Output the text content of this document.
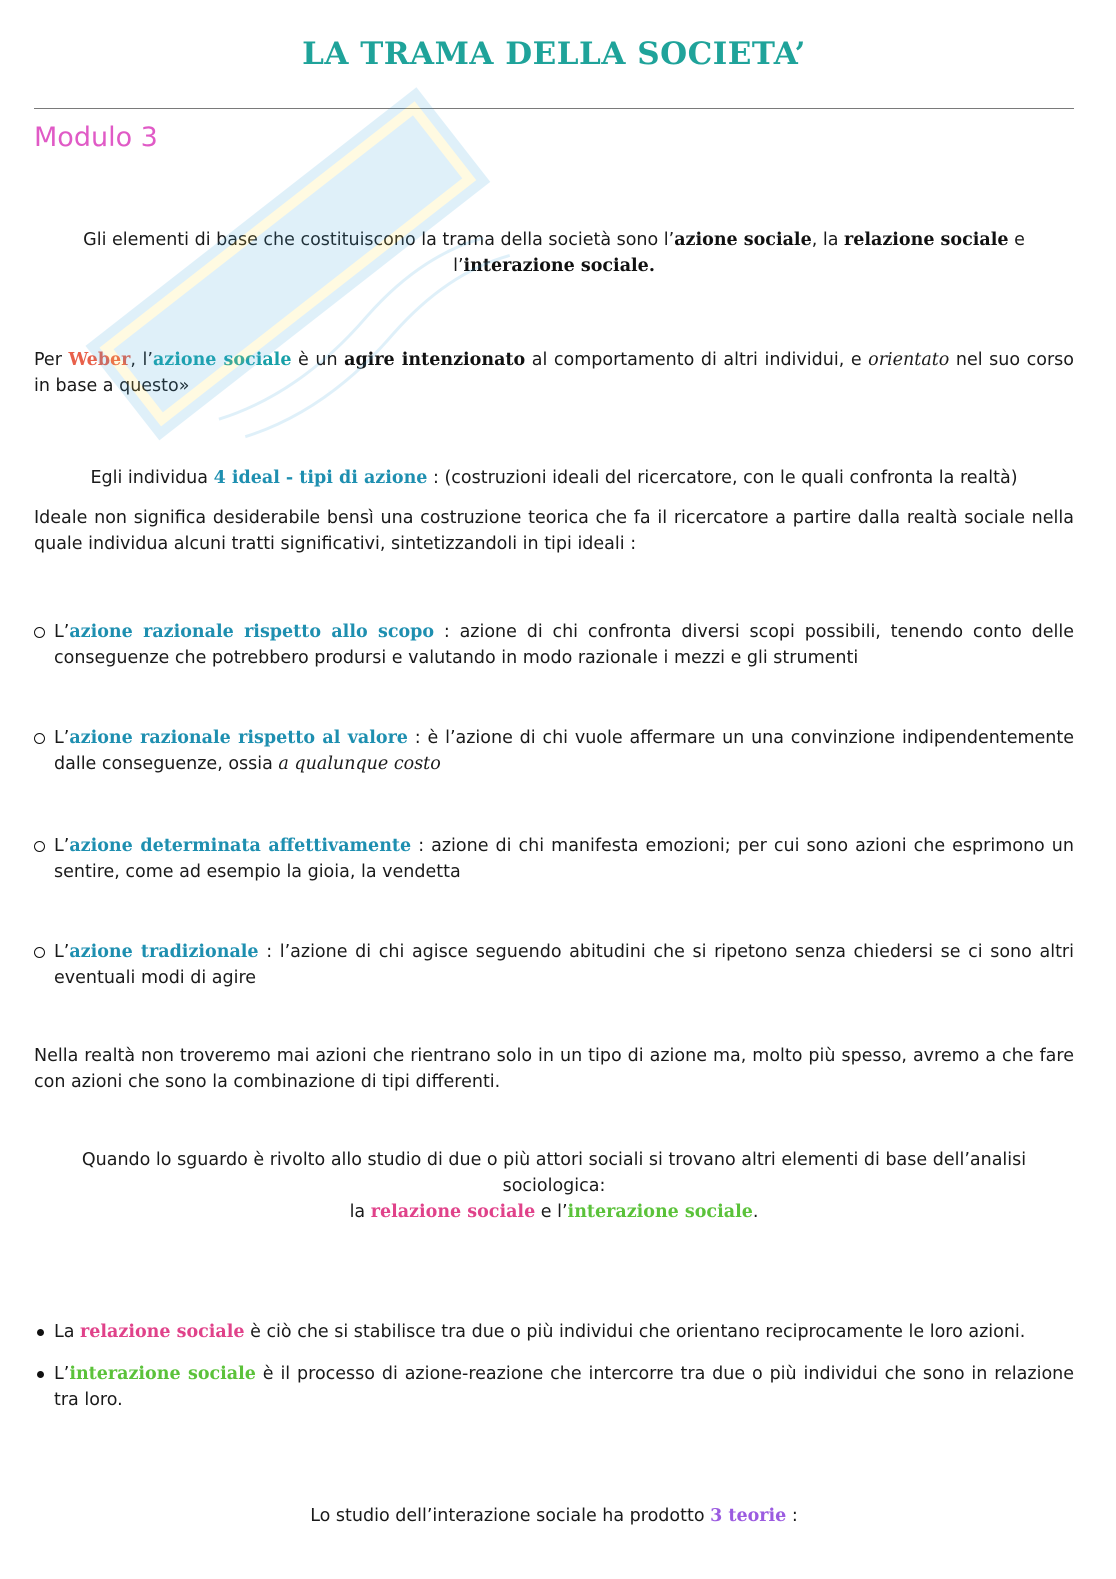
LA TRAMA DELLA SOCIETA’
Modulo 3

Gli elementi di base che costituiscono la trama della società sono l’azione sociale, la relazione sociale e
l’interazione sociale.

Per Weber, l’azione sociale è un agire intenzionato al comportamento di altri individui, e orientato nel suo corso in base a questo»

Egli individua 4 ideal - tipi di azione : (costruzioni ideali del ricercatore, con le quali confronta la realtà)

Ideale non significa desiderabile bensì una costruzione teorica che fa il ricercatore a partire dalla realtà sociale nella quale individua alcuni tratti significativi, sintetizzandoli in tipi ideali :

L’azione razionale rispetto allo scopo : azione di chi confronta diversi scopi possibili, tenendo conto delle conseguenze che potrebbero prodursi e valutando in modo razionale i mezzi e gli strumenti
L’azione razionale rispetto al valore : è l’azione di chi vuole affermare un una convinzione indipendentemente dalle conseguenze, ossia a qualunque costo
L’azione determinata affettivamente : azione di chi manifesta emozioni; per cui sono azioni che esprimono un sentire, come ad esempio la gioia, la vendetta
L’azione tradizionale : l’azione di chi agisce seguendo abitudini che si ripetono senza chiedersi se ci sono altri eventuali modi di agire

Nella realtà non troveremo mai azioni che rientrano solo in un tipo di azione ma, molto più spesso, avremo a che fare con azioni che sono la combinazione di tipi differenti.

Quando lo sguardo è rivolto allo studio di due o più attori sociali si trovano altri elementi di base dell’analisi sociologica:
la relazione sociale e l’interazione sociale.

La relazione sociale è ciò che si stabilisce tra due o più individui che orientano reciprocamente le loro azioni.
L’interazione sociale è il processo di azione-reazione che intercorre tra due o più individui che sono in relazione tra loro.

Lo studio dell’interazione sociale ha prodotto 3 teorie :
